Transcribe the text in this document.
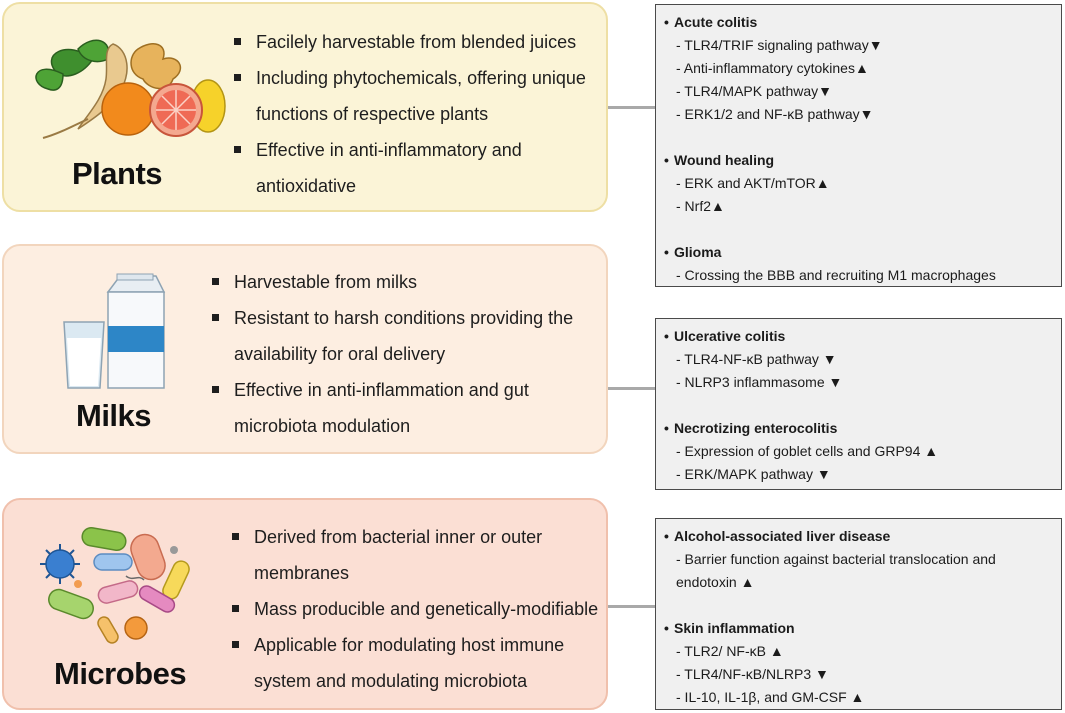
Plants
Facilely harvestable from blended juices
Including phytochemicals, offering unique functions of respective plants
Effective in anti-inflammatory and antioxidative
Milks
Harvestable from milks
Resistant to harsh conditions providing the availability for oral delivery
Effective in anti-inflammation and gut microbiota modulation
Microbes
Derived from bacterial inner or outer membranes
Mass producible and genetically-modifiable
Applicable for modulating host immune system and modulating microbiota
• Acute colitis
- TLR4/TRIF signaling pathway▼
- Anti-inflammatory cytokines▲
- TLR4/MAPK pathway▼
- ERK1/2 and NF-κB pathway▼
• Wound healing
- ERK and AKT/mTOR▲
- Nrf2▲
• Glioma
- Crossing the BBB and recruiting M1 macrophages
• Ulcerative colitis
- TLR4-NF-κB pathway ▼
- NLRP3 inflammasome ▼
• Necrotizing enterocolitis
- Expression of goblet cells and GRP94 ▲
- ERK/MAPK pathway ▼
• Alcohol-associated liver disease
- Barrier function against bacterial translocation and endotoxin ▲
• Skin inflammation
- TLR2/ NF-κB ▲
- TLR4/NF-κB/NLRP3 ▼
- IL-10, IL-1β, and GM-CSF ▲
